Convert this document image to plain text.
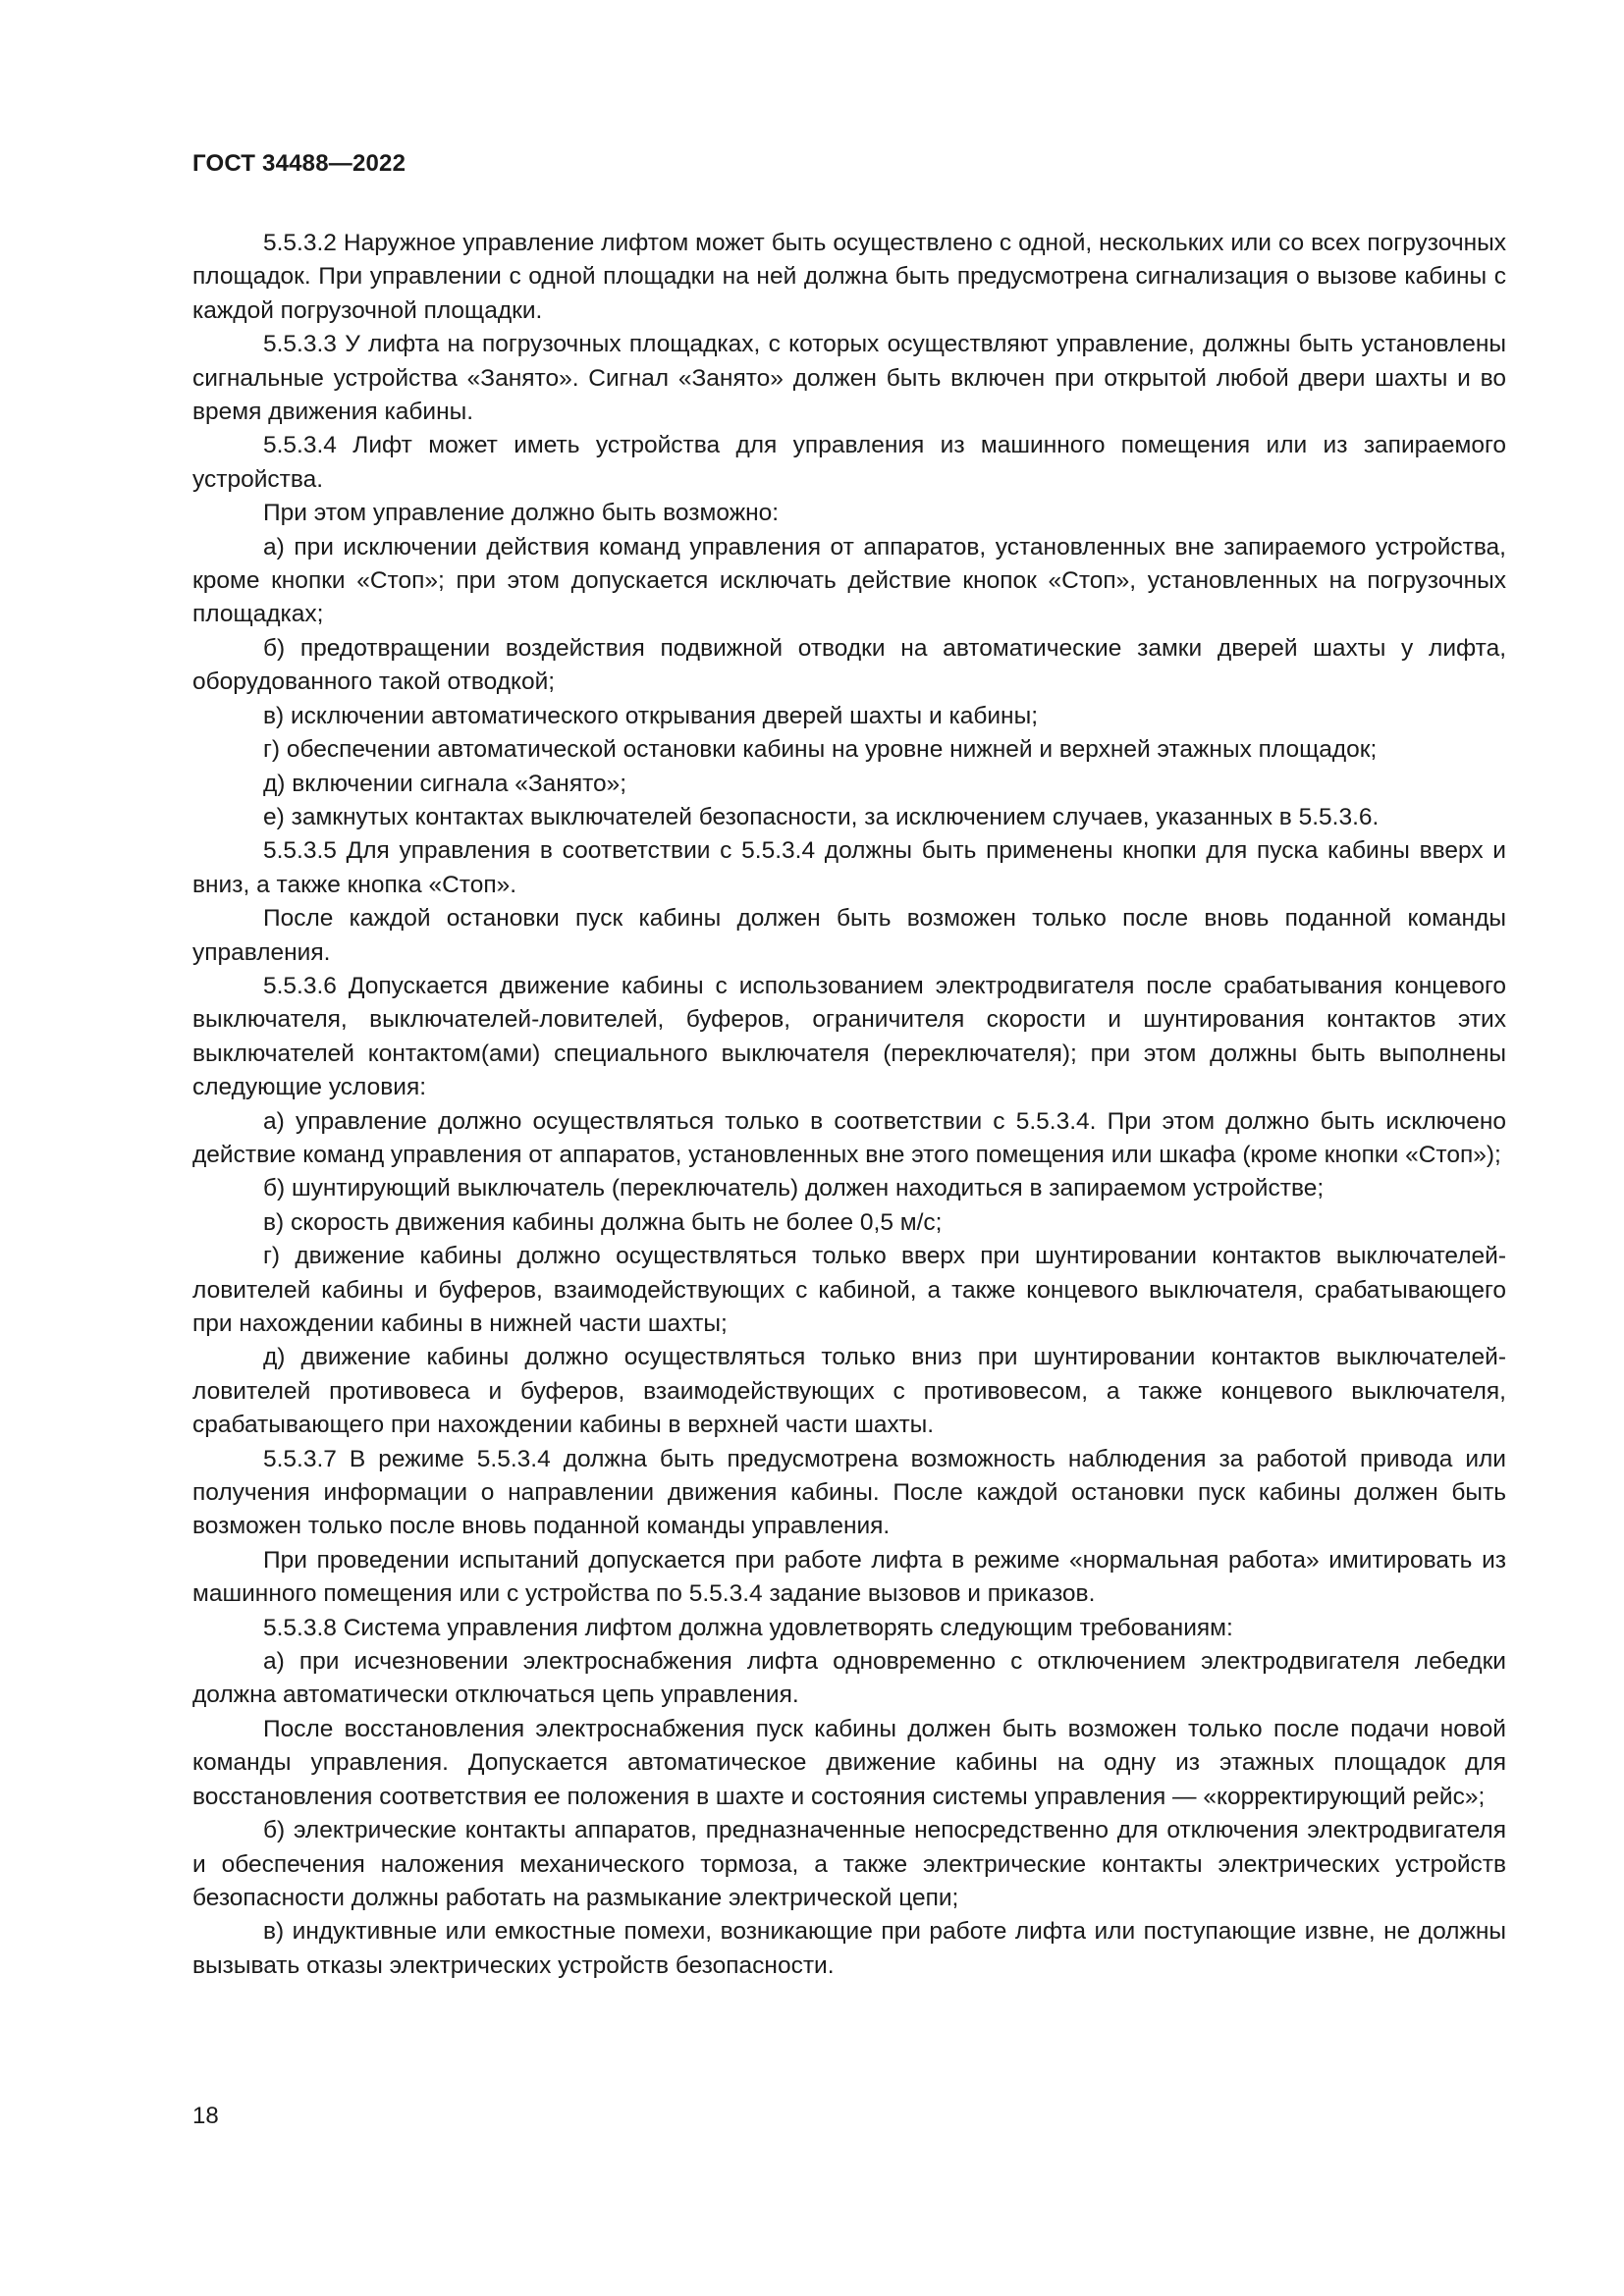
ГОСТ 34488—2022

5.5.3.2 Наружное управление лифтом может быть осуществлено с одной, нескольких или со всех погрузочных площадок. При управлении с одной площадки на ней должна быть предусмотрена сигнализация о вызове кабины с каждой погрузочной площадки.

5.5.3.3 У лифта на погрузочных площадках, с которых осуществляют управление, должны быть установлены сигнальные устройства «Занято». Сигнал «Занято» должен быть включен при открытой любой двери шахты и во время движения кабины.

5.5.3.4 Лифт может иметь устройства для управления из машинного помещения или из запираемого устройства.

При этом управление должно быть возможно:

а) при исключении действия команд управления от аппаратов, установленных вне запираемого устройства, кроме кнопки «Стоп»; при этом допускается исключать действие кнопок «Стоп», установленных на погрузочных площадках;

б) предотвращении воздействия подвижной отводки на автоматические замки дверей шахты у лифта, оборудованного такой отводкой;

в) исключении автоматического открывания дверей шахты и кабины;

г) обеспечении автоматической остановки кабины на уровне нижней и верхней этажных площадок;

д) включении сигнала «Занято»;

е) замкнутых контактах выключателей безопасности, за исключением случаев, указанных в 5.5.3.6.

5.5.3.5 Для управления в соответствии с 5.5.3.4 должны быть применены кнопки для пуска кабины вверх и вниз, а также кнопка «Стоп».

После каждой остановки пуск кабины должен быть возможен только после вновь поданной команды управления.

5.5.3.6 Допускается движение кабины с использованием электродвигателя после срабатывания концевого выключателя, выключателей-ловителей, буферов, ограничителя скорости и шунтирования контактов этих выключателей контактом(ами) специального выключателя (переключателя); при этом должны быть выполнены следующие условия:

а) управление должно осуществляться только в соответствии с 5.5.3.4. При этом должно быть исключено действие команд управления от аппаратов, установленных вне этого помещения или шкафа (кроме кнопки «Стоп»);

б) шунтирующий выключатель (переключатель) должен находиться в запираемом устройстве;

в) скорость движения кабины должна быть не более 0,5 м/с;

г) движение кабины должно осуществляться только вверх при шунтировании контактов выключателей-ловителей кабины и буферов, взаимодействующих с кабиной, а также концевого выключателя, срабатывающего при нахождении кабины в нижней части шахты;

д) движение кабины должно осуществляться только вниз при шунтировании контактов выключателей-ловителей противовеса и буферов, взаимодействующих с противовесом, а также концевого выключателя, срабатывающего при нахождении кабины в верхней части шахты.

5.5.3.7 В режиме 5.5.3.4 должна быть предусмотрена возможность наблюдения за работой привода или получения информации о направлении движения кабины. После каждой остановки пуск кабины должен быть возможен только после вновь поданной команды управления.

При проведении испытаний допускается при работе лифта в режиме «нормальная работа» имитировать из машинного помещения или с устройства по 5.5.3.4 задание вызовов и приказов.

5.5.3.8 Система управления лифтом должна удовлетворять следующим требованиям:

а) при исчезновении электроснабжения лифта одновременно с отключением электродвигателя лебедки должна автоматически отключаться цепь управления.

После восстановления электроснабжения пуск кабины должен быть возможен только после подачи новой команды управления. Допускается автоматическое движение кабины на одну из этажных площадок для восстановления соответствия ее положения в шахте и состояния системы управления — «корректирующий рейс»;

б) электрические контакты аппаратов, предназначенные непосредственно для отключения электродвигателя и обеспечения наложения механического тормоза, а также электрические контакты электрических устройств безопасности должны работать на размыкание электрической цепи;

в) индуктивные или емкостные помехи, возникающие при работе лифта или поступающие извне, не должны вызывать отказы электрических устройств безопасности.

18
